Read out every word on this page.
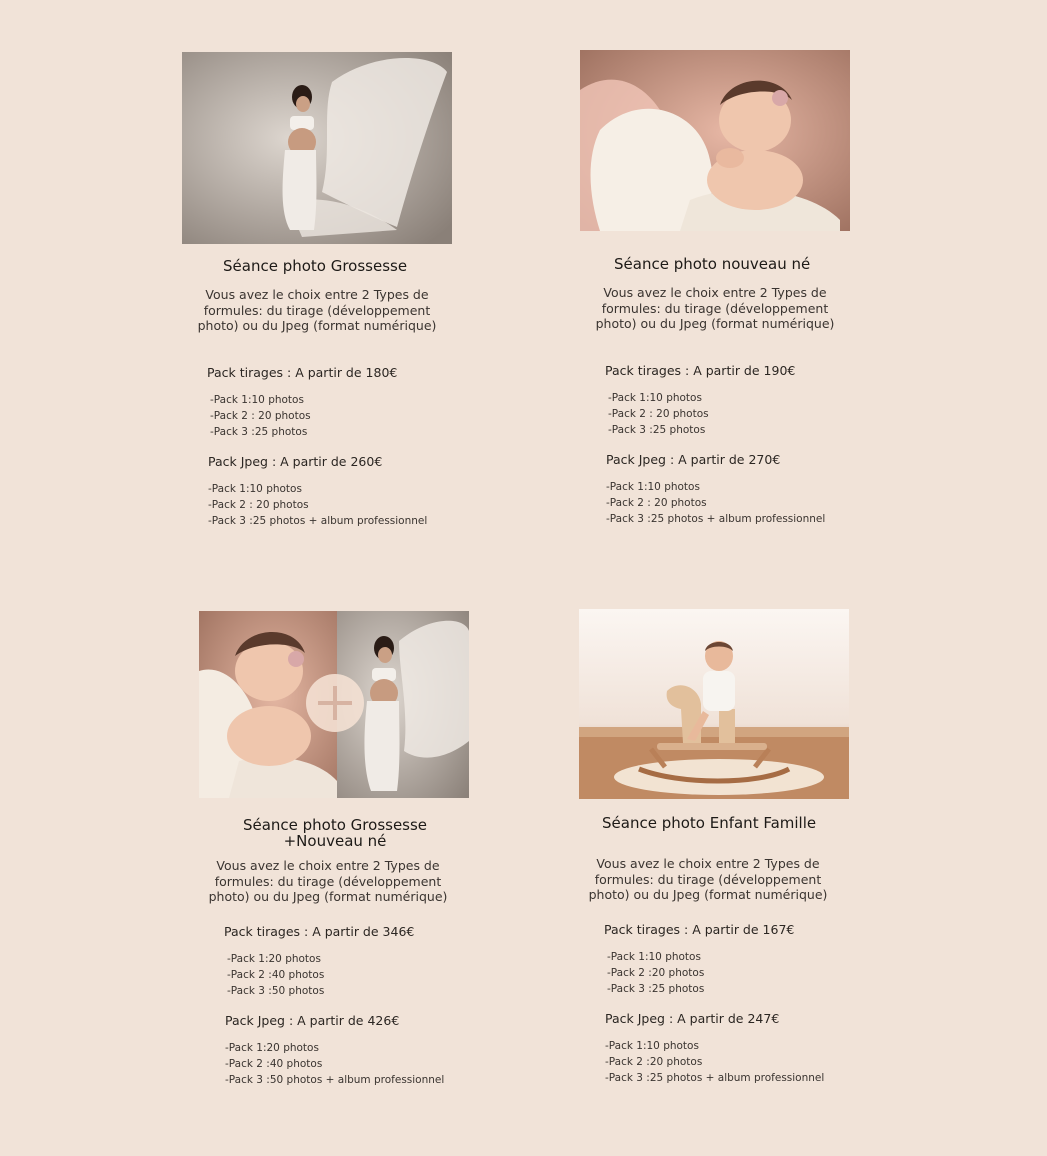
Séance photo Grossesse
Vous avez le choix entre 2 Types de formules: du tirage (développement photo) ou du Jpeg (format numérique)
Pack tirages : A partir de 180€
-Pack 1:10 photos
-Pack 2 : 20 photos
-Pack 3 :25 photos
Pack Jpeg : A partir de 260€
-Pack 1:10 photos
-Pack 2 : 20 photos
-Pack 3 :25 photos + album professionnel
Séance photo nouveau né
Vous avez le choix entre 2 Types de formules: du tirage (développement photo) ou du Jpeg (format numérique)
Pack tirages : A partir de 190€
-Pack 1:10 photos
-Pack 2 : 20 photos
-Pack 3 :25 photos
Pack Jpeg : A partir de 270€
-Pack 1:10 photos
-Pack 2 : 20 photos
-Pack 3 :25 photos + album professionnel
Séance photo Grossesse
+Nouveau né
Vous avez le choix entre 2 Types de formules: du tirage (développement photo) ou du Jpeg (format numérique)
Pack tirages : A partir de 346€
-Pack 1:20 photos
-Pack 2 :40 photos
-Pack 3 :50 photos
Pack Jpeg : A partir de 426€
-Pack 1:20 photos
-Pack 2 :40 photos
-Pack 3 :50 photos + album professionnel
Séance photo Enfant Famille
Vous avez le choix entre 2 Types de formules: du tirage (développement photo) ou du Jpeg (format numérique)
Pack tirages : A partir de 167€
-Pack 1:10 photos
-Pack 2 :20 photos
-Pack 3 :25 photos
Pack Jpeg : A partir de 247€
-Pack 1:10 photos
-Pack 2 :20 photos
-Pack 3 :25 photos + album professionnel
